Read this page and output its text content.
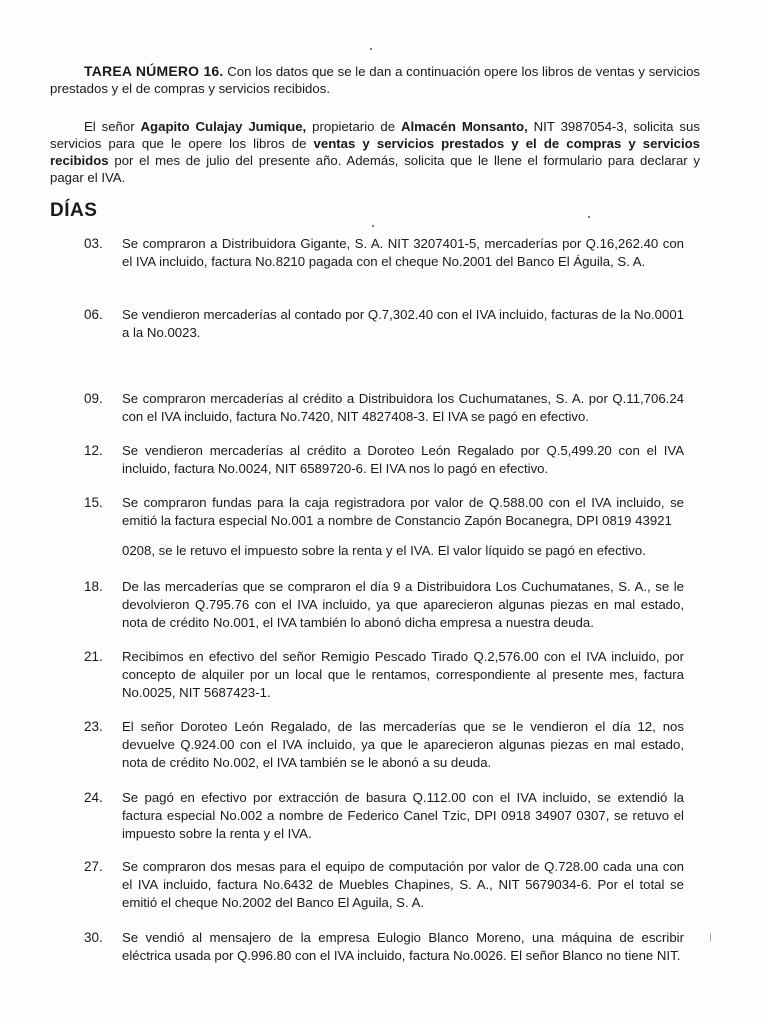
TAREA NÚMERO 16. Con los datos que se le dan a continuación opere los libros de ventas y servicios prestados y el de compras y servicios recibidos.
El señor Agapito Culajay Jumique, propietario de Almacén Monsanto, NIT 3987054-3, solicita sus servicios para que le opere los libros de ventas y servicios prestados y el de compras y servicios recibidos por el mes de julio del presente año. Además, solicita que le llene el formulario para declarar y pagar el IVA.
DÍAS
03.	Se compraron a Distribuidora Gigante, S. A. NIT 3207401-5, mercaderías por Q.16,262.40 con el IVA incluido, factura No.8210 pagada con el cheque No.2001 del Banco El Águila, S. A.
06.	Se vendieron mercaderías al contado por Q.7,302.40 con el IVA incluido, facturas de la No.0001 a la No.0023.
09.	Se compraron mercaderías al crédito a Distribuidora los Cuchumatanes, S. A. por Q.11,706.24 con el IVA incluido, factura No.7420, NIT 4827408-3. El IVA se pagó en efectivo.
12.	Se vendieron mercaderías al crédito a Doroteo León Regalado por Q.5,499.20 con el IVA incluido, factura No.0024, NIT 6589720-6. El IVA nos lo pagó en efectivo.
15.	Se compraron fundas para la caja registradora por valor de Q.588.00 con el IVA incluido, se emitió la factura especial No.001 a nombre de Constancio Zapón Bocanegra, DPI 0819 43921
0208, se le retuvo el impuesto sobre la renta y el IVA. El valor líquido se pagó en efectivo.
18.	De las mercaderías que se compraron el día 9 a Distribuidora Los Cuchumatanes, S. A., se le devolvieron Q.795.76 con el IVA incluido, ya que aparecieron algunas piezas en mal estado, nota de crédito No.001, el IVA también lo abonó dicha empresa a nuestra deuda.
21.	Recibimos en efectivo del señor Remigio Pescado Tirado Q.2,576.00 con el IVA incluido, por concepto de alquiler por un local que le rentamos, correspondiente al presente mes, factura No.0025, NIT 5687423-1.
23.	El señor Doroteo León Regalado, de las mercaderías que se le vendieron el día 12, nos devuelve Q.924.00 con el IVA incluido, ya que le aparecieron algunas piezas en mal estado, nota de crédito No.002, el IVA también se le abonó a su deuda.
24.	Se pagó en efectivo por extracción de basura Q.112.00 con el IVA incluido, se extendió la factura especial No.002 a nombre de Federico Canel Tzic, DPI 0918 34907 0307, se retuvo el impuesto sobre la renta y el IVA.
27.	Se compraron dos mesas para el equipo de computación por valor de Q.728.00 cada una con el IVA incluido, factura No.6432 de Muebles Chapines, S. A., NIT 5679034-6. Por el total se emitió el cheque No.2002 del Banco El Aguila, S. A.
30.	Se vendió al mensajero de la empresa Eulogio Blanco Moreno, una máquina de escribir eléctrica usada por Q.996.80 con el IVA incluido, factura No.0026. El señor Blanco no tiene NIT.
